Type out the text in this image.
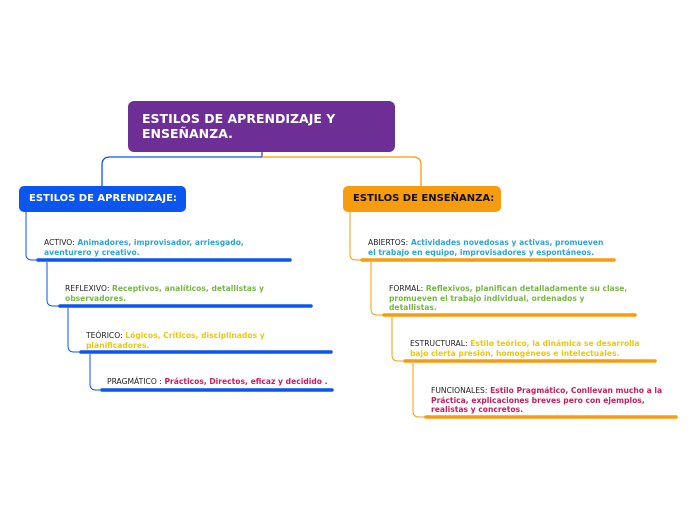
ESTILOS DE APRENDIZAJE Y ENSEÑANZA.
ESTILOS DE APRENDIZAJE:	ESTILOS DE ENSEÑANZA:
ACTIVO: Animadores, improvisador, arriesgado, aventurero y creativo.
REFLEXIVO: Receptivos, analíticos, detallistas y observadores.
TEÓRICO: Lógicos, Críticos, disciplinados y planificadores.
PRAGMÁTICO : Prácticos, Directos, eficaz y decidido .
ABIERTOS: Actividades novedosas y activas, promueven el trabajo en equipo, improvisadores y espontáneos.
FORMAL: Reflexivos, planifican detalladamente su clase, promueven el trabajo individual, ordenados y detallistas.
ESTRUCTURAL: Estilo teórico, la dinámica se desarrolla bajo cierta presión, homogéneos e intelectuales.
FUNCIONALES: Estilo Pragmático, Conllevan mucho a la Práctica, explicaciones breves pero con ejemplos, realistas y concretos.
